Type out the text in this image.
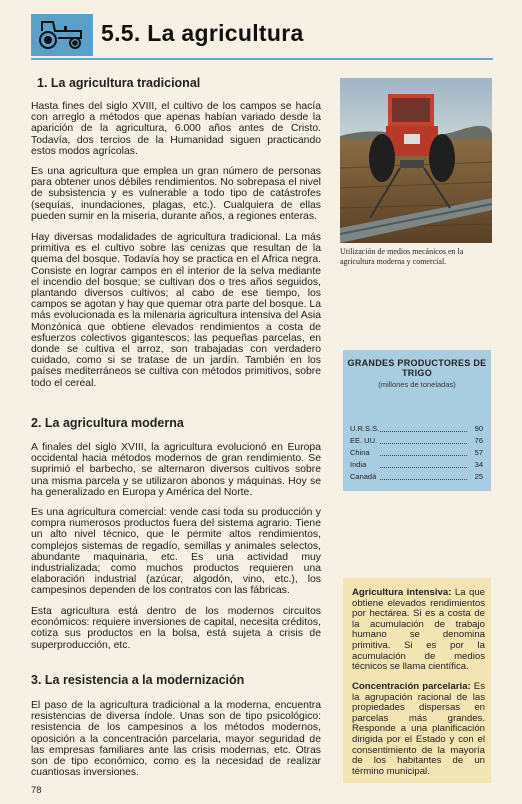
5.5. La agricultura
1. La agricultura tradicional
Hasta fines del siglo XVIII, el cultivo de los campos se hacía con arreglo a métodos que apenas habían variado desde la aparición de la agricultura, 6.000 años antes de Cristo. Todavía, dos tercios de la Humanidad siguen practicando estos modos agrícolas.
Es una agricultura que emplea un gran número de personas para obtener unos débiles rendimientos. No sobrepasa el nivel de subsistencia y es vulnerable a todo tipo de catástrofes (sequías, inundaciones, plagas, etc.). Cualquiera de ellas pueden sumir en la miseria, durante años, a regiones enteras.
Hay diversas modalidades de agricultura tradicional. La más primitiva es el cultivo sobre las cenizas que resultan de la quema del bosque. Todavía hoy se practica en el Africa negra. Consiste en lograr campos en el interior de la selva mediante el incendio del bosque; se cultivan dos o tres años seguidos, plantando diversos cultivos; al cabo de ese tiempo, los campos se agotan y hay que quemar otra parte del bosque. La más evolucionada es la milenaria agricultura intensiva del Asia Monzónica que obtiene elevados rendimientos a costa de esfuerzos colectivos gigantescos; las pequeñas parcelas, en donde se cultiva el arroz, son trabajadas con verdadero cuidado, como si se tratase de un jardín. También en los países mediterráneos se cultiva con métodos primitivos, sobre todo el cereal.
2. La agricultura moderna
A finales del siglo XVIII, la agricultura evolucionó en Europa occidental hacia métodos modernos de gran rendimiento. Se suprimió el barbecho, se alternaron diversos cultivos sobre una misma parcela y se utilizaron abonos y máquinas. Hoy se ha generalizado en Europa y América del Norte.
Es una agricultura comercial: vende casi toda su producción y compra numerosos productos fuera del sistema agrario. Tiene un alto nivel técnico, que le permite altos rendimientos, complejos sistemas de regadío, semillas y animales selectos, abundante maquinaria, etc. Es una actividad muy industrializada; como muchos productos requieren una elaboración industrial (azúcar, algodón, vino, etc.), los campesinos dependen de los contratos con las fábricas.
Esta agricultura está dentro de los modernos circuitos económicos: requiere inversiones de capital, necesita créditos, cotiza sus productos en la bolsa, está sujeta a crisis de superproducción, etc.
3. La resistencia a la modernización
El paso de la agricultura tradicional a la moderna, encuentra resistencias de diversa índole. Unas son de tipo psicológico: resistencia de los campesinos a los métodos modernos, oposición a la concentración parcelaria, mayor seguridad de las empresas familiares ante las crisis modernas, etc. Otras son de tipo económico, como es la necesidad de realizar cuantiosas inversiones.
Utilización de medios mecánicos en la agricultura moderna y comercial.
GRANDES PRODUCTORES DE TRIGO
(millones de toneladas)
U.R.S.S.	90
EE. UU.	76
China	57
India	34
Canadá	25
Agricultura intensiva: La que obtiene elevados rendimientos por hectárea. Si es a costa de la acumulación de trabajo humano se denomina primitiva. Si es por la acumulación de medios técnicos se llama científica.
Concentración parcelaria: Es la agrupación racional de las propiedades dispersas en parcelas más grandes. Responde a una planificación dirigida por el Estado y con el consentimiento de la mayoría de los habitantes de un término municipal.
78
